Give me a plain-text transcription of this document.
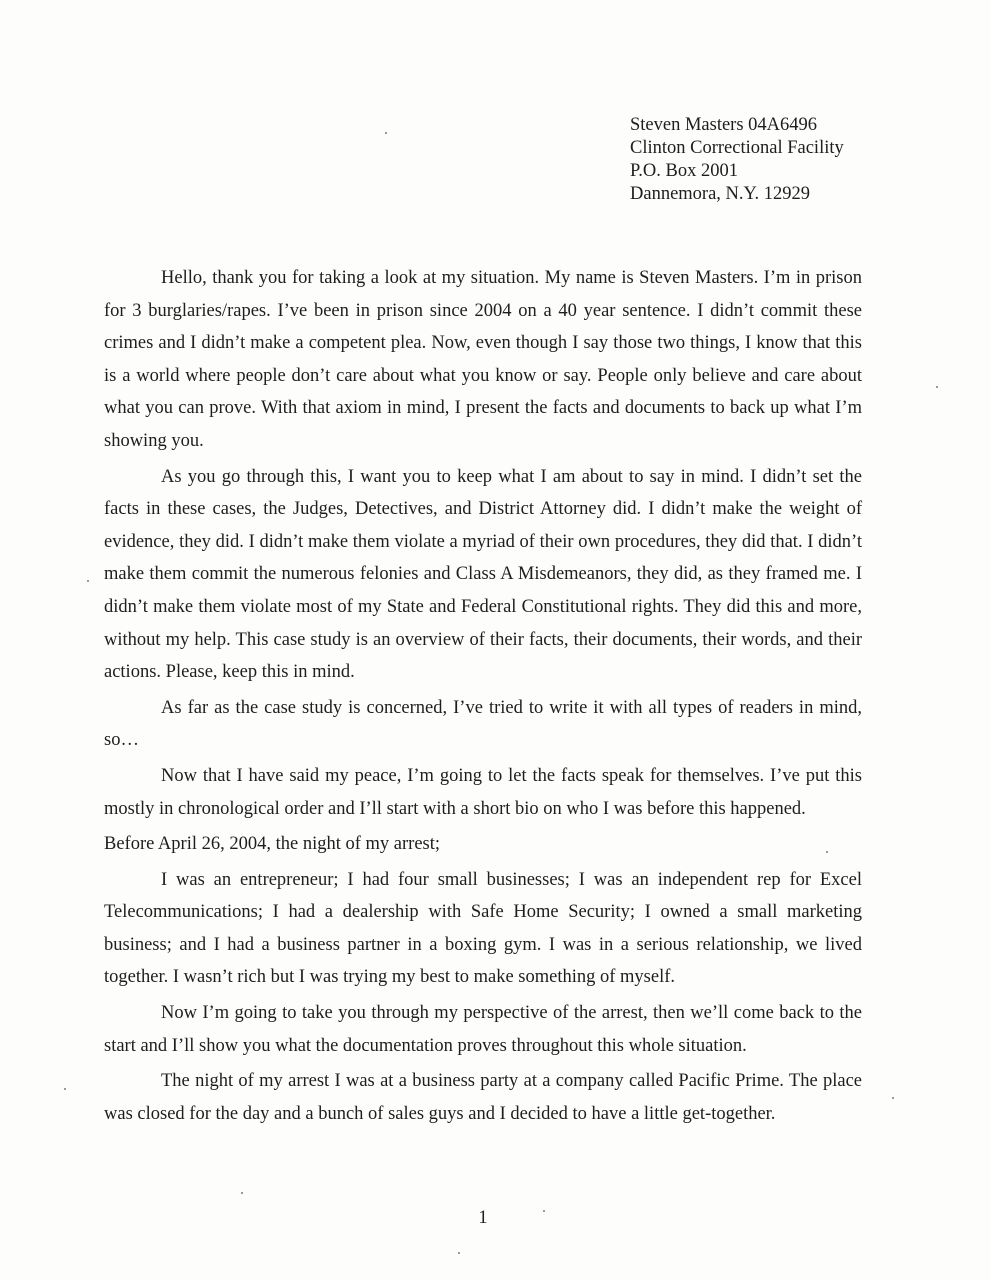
Steven Masters 04A6496
Clinton Correctional Facility
P.O. Box 2001
Dannemora, N.Y. 12929

Hello, thank you for taking a look at my situation. My name is Steven Masters. I’m in prison for 3 burglaries/rapes. I’ve been in prison since 2004 on a 40 year sentence. I didn’t commit these crimes and I didn’t make a competent plea. Now, even though I say those two things, I know that this is a world where people don’t care about what you know or say. People only believe and care about what you can prove. With that axiom in mind, I present the facts and documents to back up what I’m showing you.

As you go through this, I want you to keep what I am about to say in mind. I didn’t set the facts in these cases, the Judges, Detectives, and District Attorney did. I didn’t make the weight of evidence, they did. I didn’t make them violate a myriad of their own procedures, they did that. I didn’t make them commit the numerous felonies and Class A Misdemeanors, they did, as they framed me. I didn’t make them violate most of my State and Federal Constitutional rights. They did this and more, without my help. This case study is an overview of their facts, their documents, their words, and their actions. Please, keep this in mind.

As far as the case study is concerned, I’ve tried to write it with all types of readers in mind, so…

Now that I have said my peace, I’m going to let the facts speak for themselves. I’ve put this mostly in chronological order and I’ll start with a short bio on who I was before this happened.

Before April 26, 2004, the night of my arrest;

I was an entrepreneur; I had four small businesses; I was an independent rep for Excel Telecommunications; I had a dealership with Safe Home Security; I owned a small marketing business; and I had a business partner in a boxing gym. I was in a serious relationship, we lived together. I wasn’t rich but I was trying my best to make something of myself.

Now I’m going to take you through my perspective of the arrest, then we’ll come back to the start and I’ll show you what the documentation proves throughout this whole situation.

The night of my arrest I was at a business party at a company called Pacific Prime. The place was closed for the day and a bunch of sales guys and I decided to have a little get-together.

1
